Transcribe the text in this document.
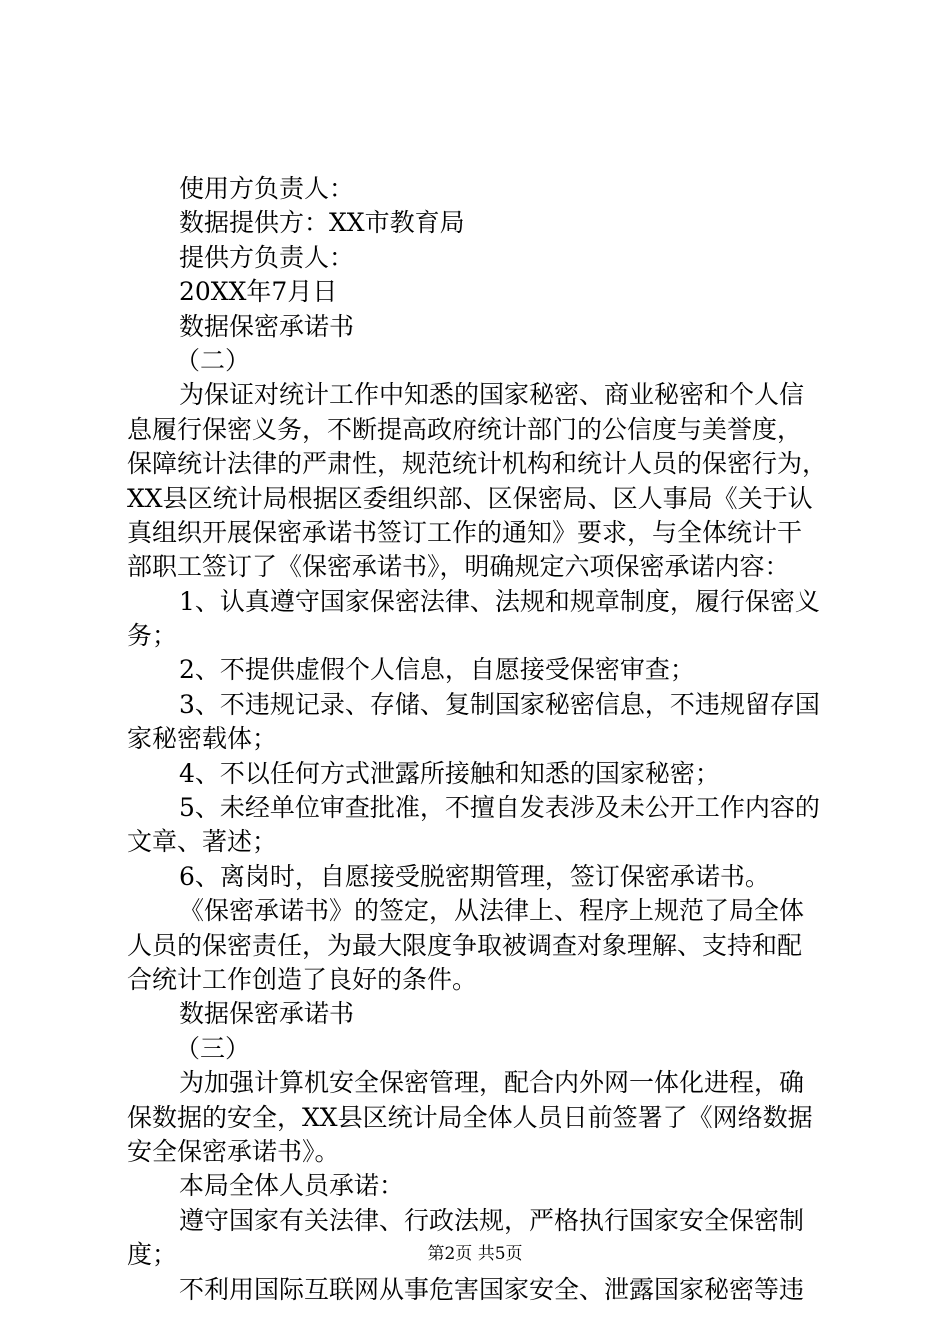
使用方负责人：
数据提供方：XX市教育局
提供方负责人：
20XX年7月日
数据保密承诺书
（二）
为保证对统计工作中知悉的国家秘密、商业秘密和个人信
息履行保密义务，不断提高政府统计部门的公信度与美誉度，
保障统计法律的严肃性，规范统计机构和统计人员的保密行为，
XX县区统计局根据区委组织部、区保密局、区人事局《关于认
真组织开展保密承诺书签订工作的通知》要求，与全体统计干
部职工签订了《保密承诺书》，明确规定六项保密承诺内容：
1、认真遵守国家保密法律、法规和规章制度，履行保密义
务；
2、不提供虚假个人信息，自愿接受保密审查；
3、不违规记录、存储、复制国家秘密信息，不违规留存国
家秘密载体；
4、不以任何方式泄露所接触和知悉的国家秘密；
5、未经单位审查批准，不擅自发表涉及未公开工作内容的
文章、著述；
6、离岗时，自愿接受脱密期管理，签订保密承诺书。
《保密承诺书》的签定，从法律上、程序上规范了局全体
人员的保密责任，为最大限度争取被调查对象理解、支持和配
合统计工作创造了良好的条件。
数据保密承诺书
（三）
为加强计算机安全保密管理，配合内外网一体化进程，确
保数据的安全，XX县区统计局全体人员日前签署了《网络数据
安全保密承诺书》。
本局全体人员承诺：
遵守国家有关法律、行政法规，严格执行国家安全保密制
度；
不利用国际互联网从事危害国家安全、泄露国家秘密等违
第2页 共5页
